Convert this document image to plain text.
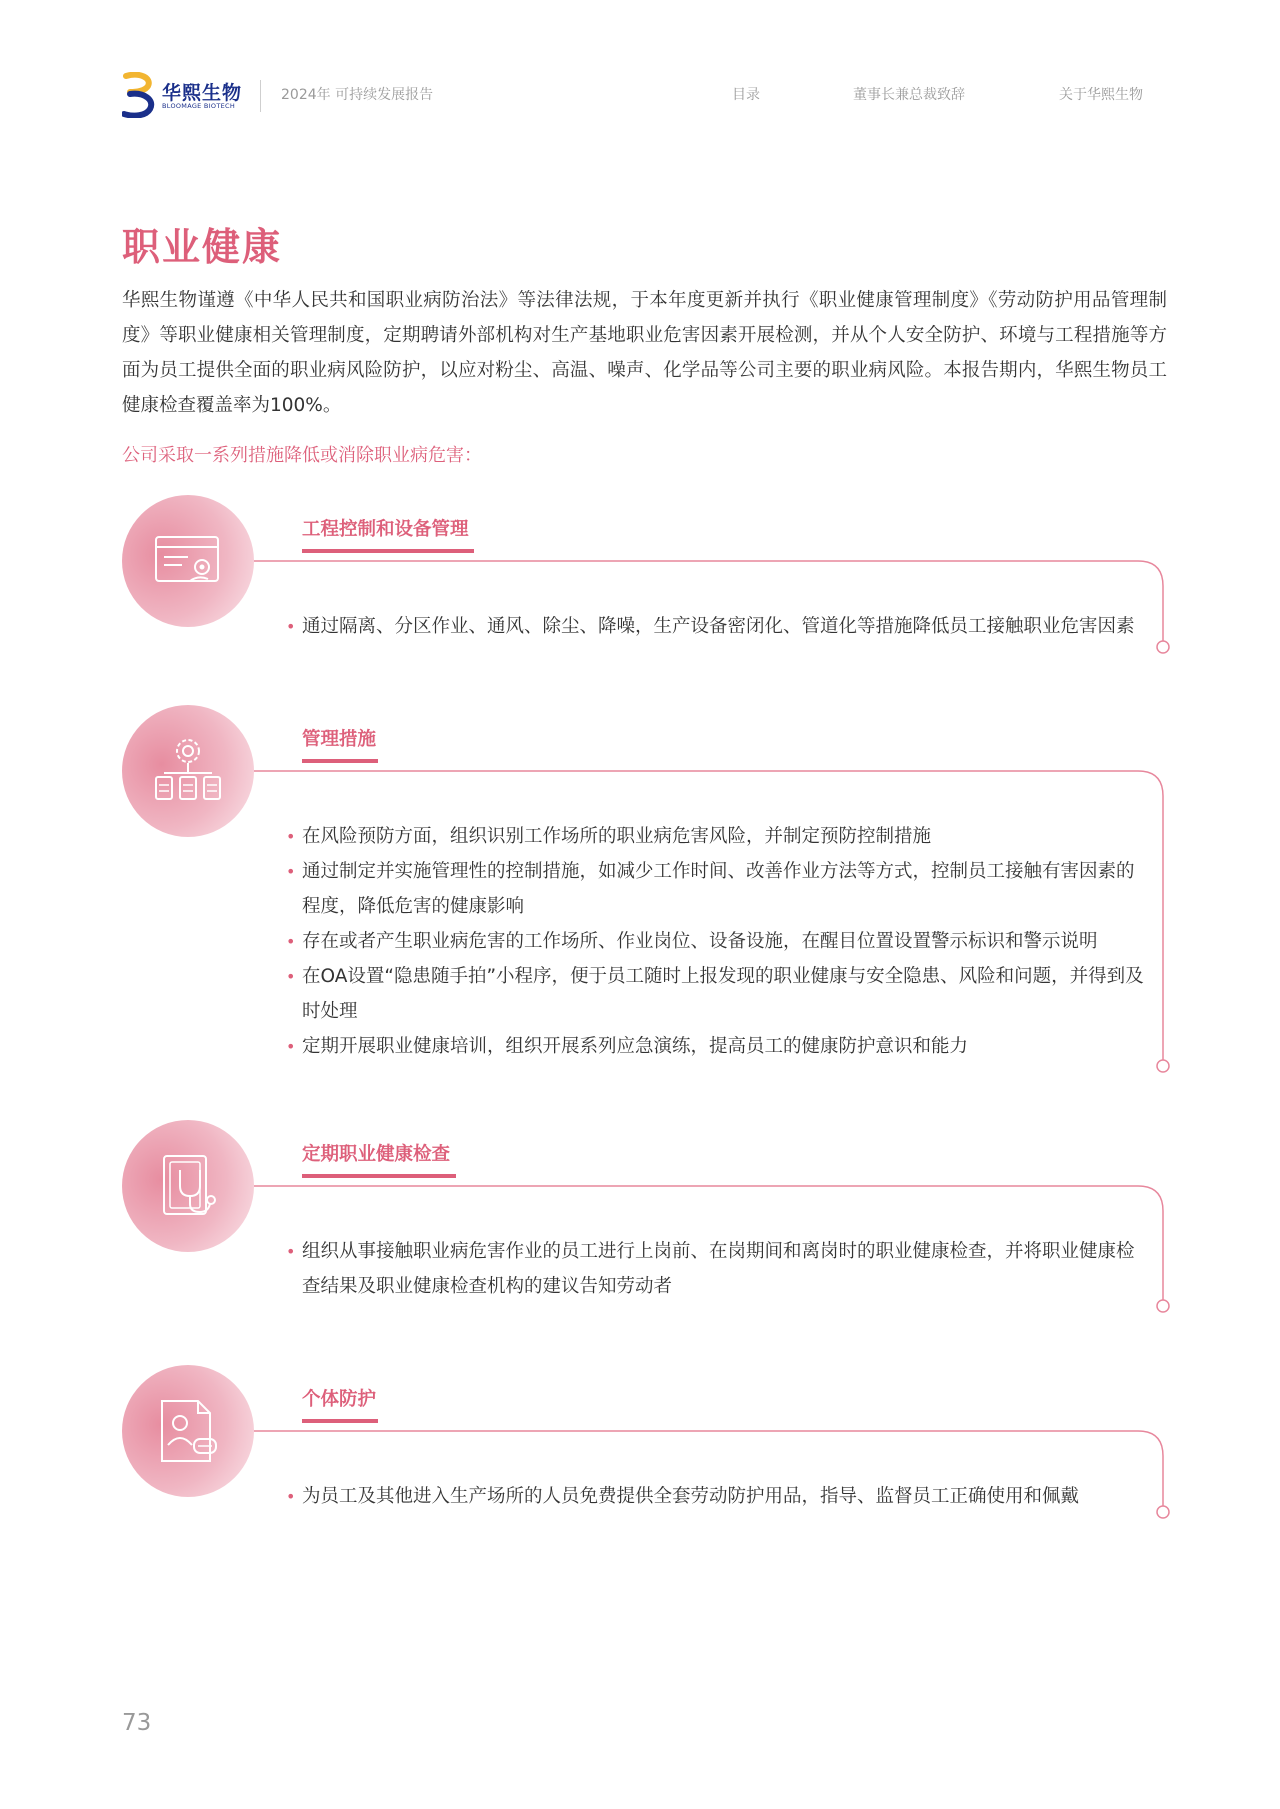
华熙生物
BLOOMAGE BIOTECH
2024年 可持续发展报告	目录	董事长兼总裁致辞	关于华熙生物
职业健康

华熙生物谨遵《中华人民共和国职业病防治法》等法律法规，于本年度更新并执行《职业健康管理制度》《劳动防护用品管理制度》等职业健康相关管理制度，定期聘请外部机构对生产基地职业危害因素开展检测，并从个人安全防护、环境与工程措施等方面为员工提供全面的职业病风险防护，以应对粉尘、高温、噪声、化学品等公司主要的职业病风险。本报告期内，华熙生物员工健康检查覆盖率为100%。

公司采取一系列措施降低或消除职业病危害：

工程控制和设备管理
• 通过隔离、分区作业、通风、除尘、降噪，生产设备密闭化、管道化等措施降低员工接触职业危害因素
管理措施
• 在风险预防方面，组织识别工作场所的职业病危害风险，并制定预防控制措施
• 通过制定并实施管理性的控制措施，如减少工作时间、改善作业方法等方式，控制员工接触有害因素的程度，降低危害的健康影响
• 存在或者产生职业病危害的工作场所、作业岗位、设备设施，在醒目位置设置警示标识和警示说明
• 在OA设置“隐患随手拍”小程序，便于员工随时上报发现的职业健康与安全隐患、风险和问题，并得到及时处理
• 定期开展职业健康培训，组织开展系列应急演练，提高员工的健康防护意识和能力
定期职业健康检查
• 组织从事接触职业病危害作业的员工进行上岗前、在岗期间和离岗时的职业健康检查，并将职业健康检查结果及职业健康检查机构的建议告知劳动者
个体防护
• 为员工及其他进入生产场所的人员免费提供全套劳动防护用品，指导、监督员工正确使用和佩戴
73
